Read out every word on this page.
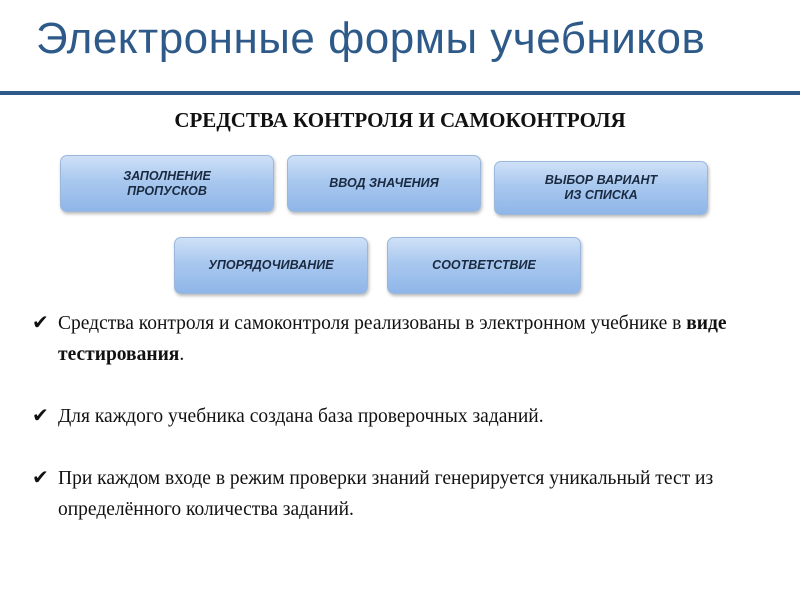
Электронные формы учебников
СРЕДСТВА КОНТРОЛЯ И САМОКОНТРОЛЯ
ЗАПОЛНЕНИЕ
ПРОПУСКОВ
ВВОД ЗНАЧЕНИЯ	ВЫБОР ВАРИАНТ
ИЗ СПИСКА
УПОРЯДОЧИВАНИЕ	СООТВЕТСТВИЕ
✔ Средства контроля и самоконтроля реализованы в электронном учебнике в виде тестирования.
✔ Для каждого учебника создана база проверочных заданий.
✔ При каждом входе в режим проверки знаний генерируется уникальный тест из определённого количества заданий.
